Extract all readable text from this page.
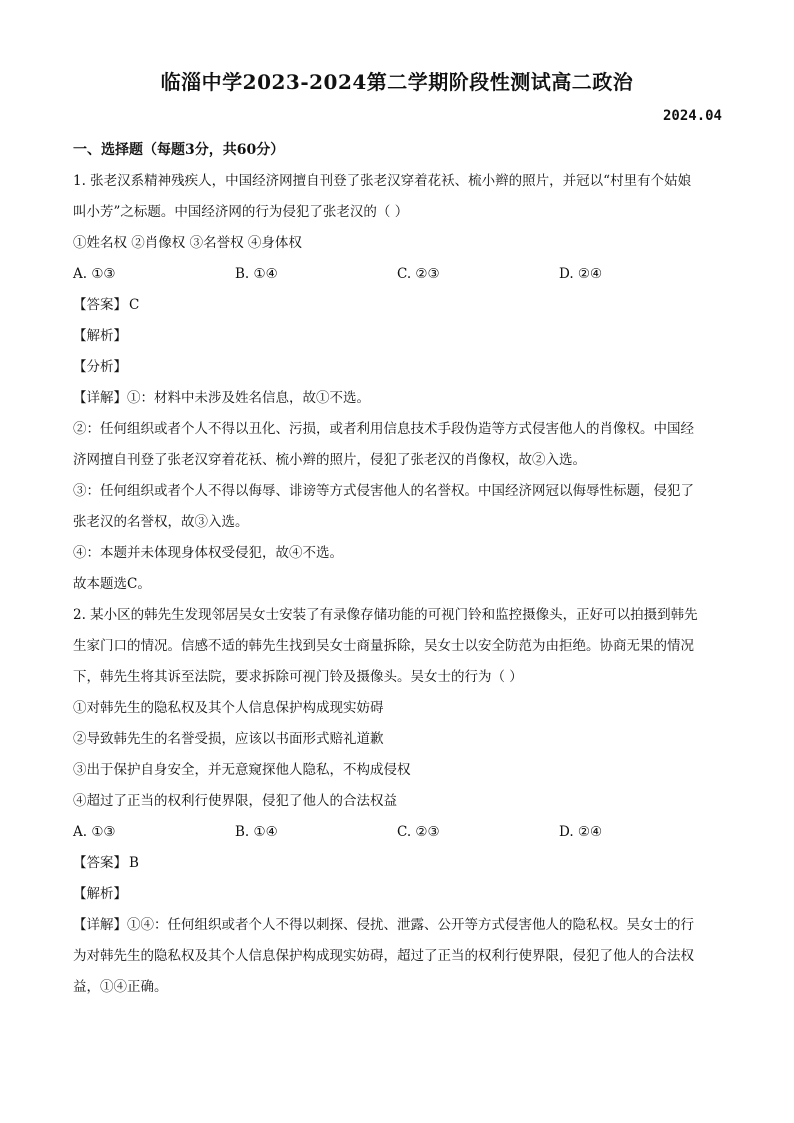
临淄中学2023-2024第二学期阶段性测试高二政治
2024.04
一、选择题（每题3分，共60分）
1. 张老汉系精神残疾人，中国经济网擅自刊登了张老汉穿着花袄、梳小辫的照片，并冠以“村里有个姑娘
叫小芳”之标题。中国经济网的行为侵犯了张老汉的（ ）
①姓名权 ②肖像权 ③名誉权 ④身体权
A. ①③	B. ①④	C. ②③	D. ②④
【答案】 C
【解析】
【分析】
【详解】①：材料中未涉及姓名信息，故①不选。
②：任何组织或者个人不得以丑化、污损，或者利用信息技术手段伪造等方式侵害他人的肖像权。中国经
济网擅自刊登了张老汉穿着花袄、梳小辫的照片，侵犯了张老汉的肖像权，故②入选。
③：任何组织或者个人不得以侮辱、诽谤等方式侵害他人的名誉权。中国经济网冠以侮辱性标题，侵犯了
张老汉的名誉权，故③入选。
④：本题并未体现身体权受侵犯，故④不选。
故本题选C。
2. 某小区的韩先生发现邻居吴女士安装了有录像存储功能的可视门铃和监控摄像头，正好可以拍摄到韩先
生家门口的情况。信感不适的韩先生找到吴女士商量拆除，吴女士以安全防范为由拒绝。协商无果的情况
下，韩先生将其诉至法院，要求拆除可视门铃及摄像头。吴女士的行为（ ）
①对韩先生的隐私权及其个人信息保护构成现实妨碍
②导致韩先生的名誉受损，应该以书面形式赔礼道歉
③出于保护自身安全，并无意窥探他人隐私，不构成侵权
④超过了正当的权利行使界限，侵犯了他人的合法权益
A. ①③	B. ①④	C. ②③	D. ②④
【答案】 B
【解析】
【详解】①④：任何组织或者个人不得以刺探、侵扰、泄露、公开等方式侵害他人的隐私权。吴女士的行
为对韩先生的隐私权及其个人信息保护构成现实妨碍，超过了正当的权利行使界限，侵犯了他人的合法权
益，①④正确。
